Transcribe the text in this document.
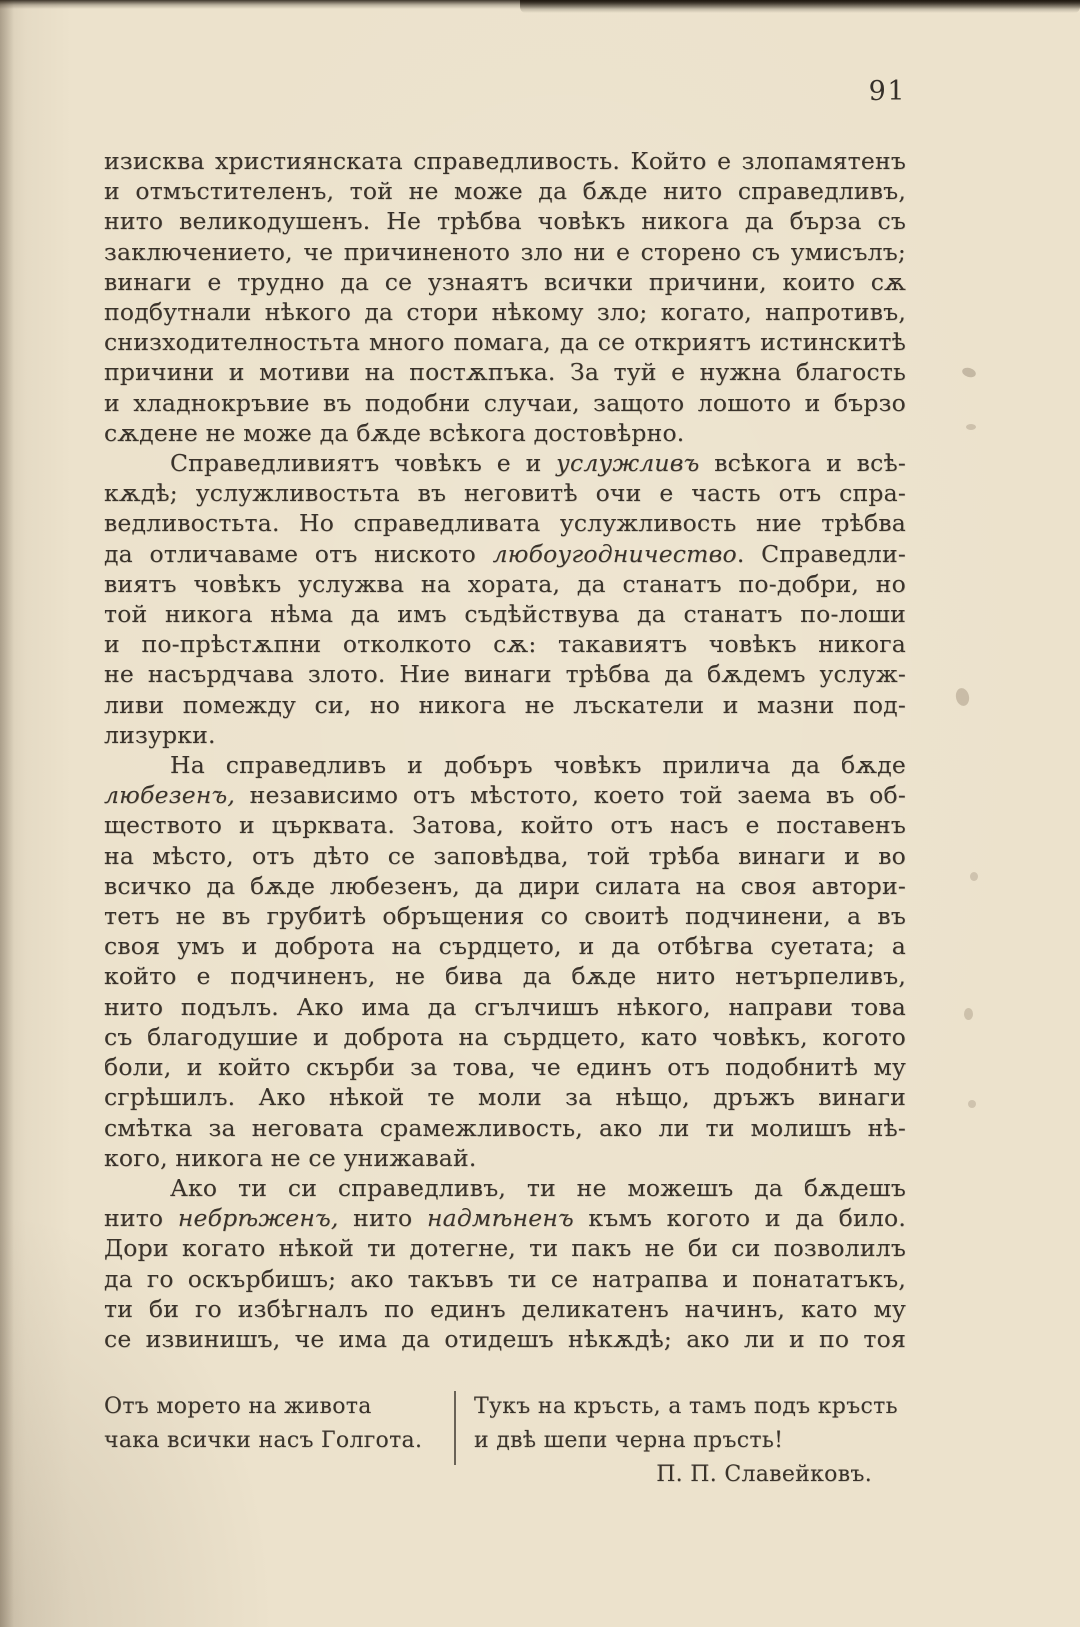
91
изисква християнската справедливость. Който е злопамятенъ
и отмъстителенъ, той не може да бѫде нито справедливъ,
нито великодушенъ. Не трѣбва човѣкъ никога да бърза съ
заключението, че причиненото зло ни е сторено съ умисълъ;
винаги е трудно да се узнаятъ всички причини, които сѫ
подбутнали нѣкого да стори нѣкому зло; когато, напротивъ,
снизходителностьта много помага, да се откриятъ истинскитѣ
причини и мотиви на постѫпъка. За туй е нужна благость
и хладнокръвие въ подобни случаи, защото лошото и бързо
сѫдене не може да бѫде всѣкога достовѣрно.
Справедливиятъ човѣкъ е и услужливъ всѣкога и всѣ-
кѫдѣ; услужливостьта въ неговитѣ очи е часть отъ спра-
ведливостьта. Но справедливата услужливость ние трѣбва
да отличаваме отъ ниското любоугодничество. Справедли-
виятъ човѣкъ услужва на хората, да станатъ по-добри, но
той никога нѣма да имъ съдѣйствува да станатъ по-лоши
и по-прѣстѫпни отколкото сѫ: такавиятъ човѣкъ никога
не насърдчава злото. Ние винаги трѣбва да бѫдемъ услуж-
ливи помежду си, но никога не лъскатели и мазни под-
лизурки.
На справедливъ и добъръ човѣкъ прилича да бѫде
любезенъ, независимо отъ мѣстото, което той заема въ об-
ществото и църквата. Затова, който отъ насъ е поставенъ
на мѣсто, отъ дѣто се заповѣдва, той трѣба винаги и во
всичко да бѫде любезенъ, да дири силата на своя автори-
тетъ не въ грубитѣ обръщения со своитѣ подчинени, а въ
своя умъ и доброта на сърдцето, и да отбѣгва суетата; а
който е подчиненъ, не бива да бѫде нито нетърпеливъ,
нито подълъ. Ако има да сгълчишъ нѣкого, направи това
съ благодушие и доброта на сърдцето, като човѣкъ, когото
боли, и който скърби за това, че единъ отъ подобнитѣ му
сгрѣшилъ. Ако нѣкой те моли за нѣщо, дръжъ винаги
смѣтка за неговата срамежливость, ако ли ти молишъ нѣ-
кого, никога не се унижавай.
Ако ти си справедливъ, ти не можешъ да бѫдешъ
нито небрѣженъ, нито надмѣненъ къмъ когото и да било.
Дори когато нѣкой ти дотегне, ти пакъ не би си позволилъ
да го оскърбишъ; ако такъвъ ти се натрапва и понататъкъ,
ти би го избѣгналъ по единъ деликатенъ начинъ, като му
се извинишъ, че има да отидешъ нѣкѫдѣ; ако ли и по тоя
Отъ морето на живота
чака всички насъ Голгота.
Тукъ на кръсть, а тамъ подъ кръсть
и двѣ шепи черна пръсть!
П. П. Славейковъ.
